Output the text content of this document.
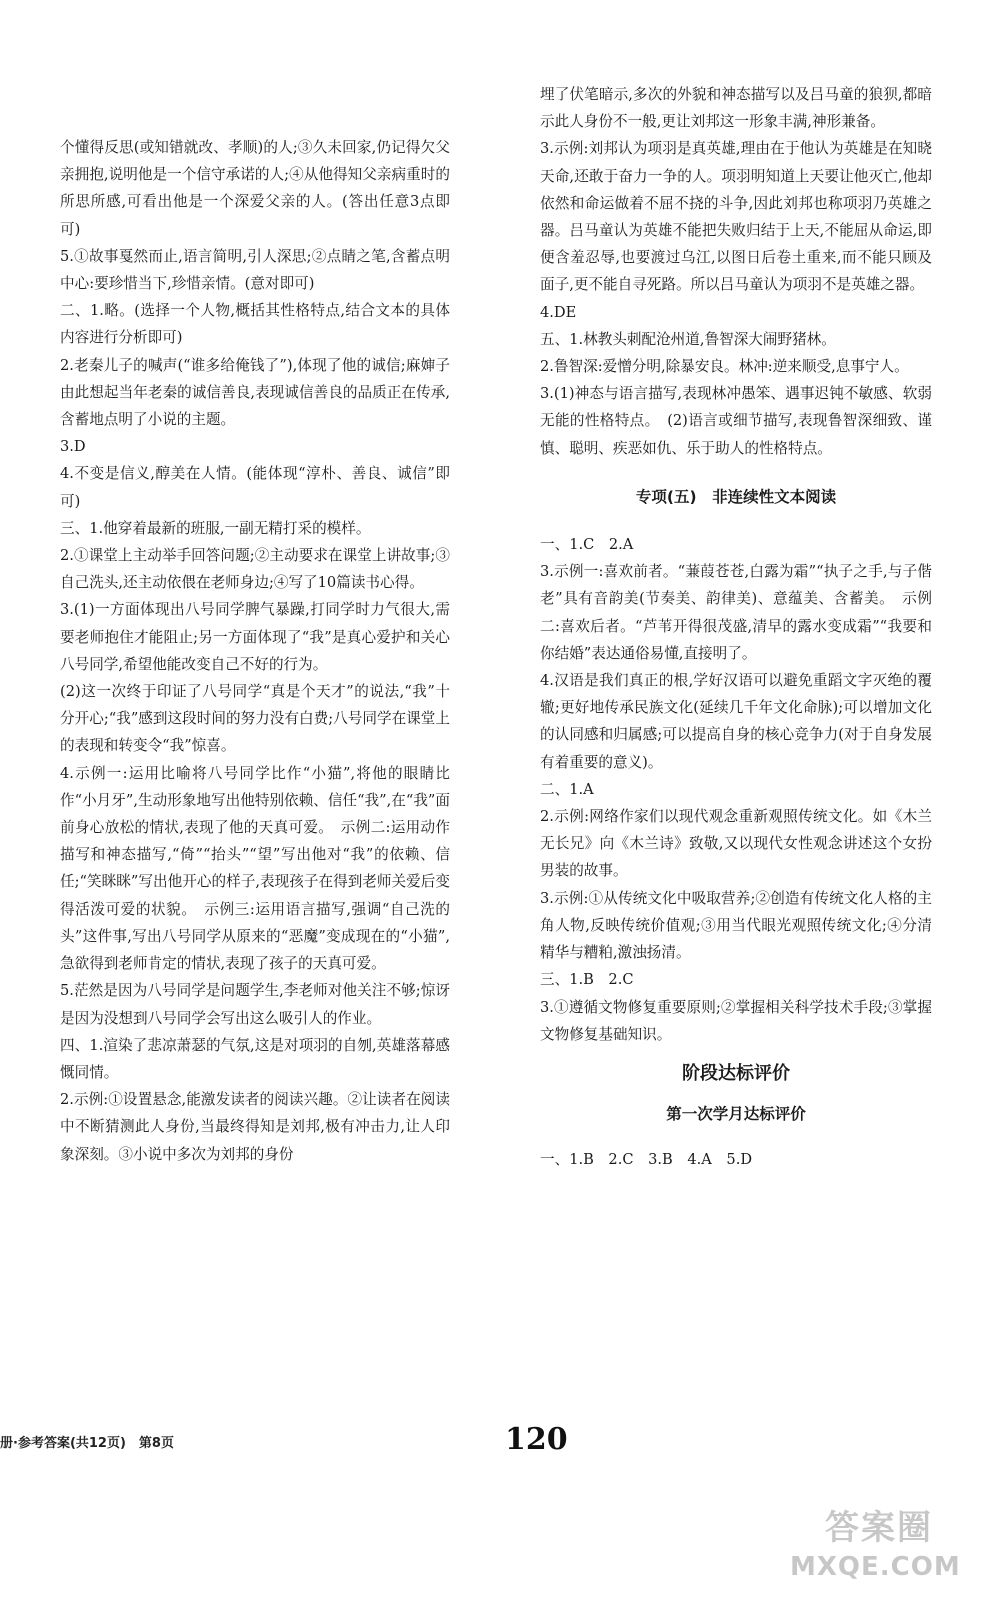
个懂得反思(或知错就改、孝顺)的人;③久未回家,仍记得欠父亲拥抱,说明他是一个信守承诺的人;④从他得知父亲病重时的所思所感,可看出他是一个深爱父亲的人。(答出任意3点即可)

5.①故事戛然而止,语言简明,引人深思;②点睛之笔,含蓄点明中心:要珍惜当下,珍惜亲情。(意对即可)

二、1.略。(选择一个人物,概括其性格特点,结合文本的具体内容进行分析即可)

2.老秦儿子的喊声(“谁多给俺钱了”),体现了他的诚信;麻婶子由此想起当年老秦的诚信善良,表现诚信善良的品质正在传承,含蓄地点明了小说的主题。

3.D

4.不变是信义,醇美在人情。(能体现“淳朴、善良、诚信”即可)

三、1.他穿着最新的班服,一副无精打采的模样。

2.①课堂上主动举手回答问题;②主动要求在课堂上讲故事;③自己洗头,还主动依偎在老师身边;④写了10篇读书心得。

3.(1)一方面体现出八号同学脾气暴躁,打同学时力气很大,需要老师抱住才能阻止;另一方面体现了“我”是真心爱护和关心八号同学,希望他能改变自己不好的行为。

(2)这一次终于印证了八号同学“真是个天才”的说法,“我”十分开心;“我”感到这段时间的努力没有白费;八号同学在课堂上的表现和转变令“我”惊喜。

4.示例一:运用比喻将八号同学比作“小猫”,将他的眼睛比作“小月牙”,生动形象地写出他特别依赖、信任“我”,在“我”面前身心放松的情状,表现了他的天真可爱。　示例二:运用动作描写和神态描写,“倚”“抬头”“望”写出他对“我”的依赖、信任;“笑眯眯”写出他开心的样子,表现孩子在得到老师关爱后变得活泼可爱的状貌。　示例三:运用语言描写,强调“自己洗的头”这件事,写出八号同学从原来的“恶魔”变成现在的“小猫”,急欲得到老师肯定的情状,表现了孩子的天真可爱。

5.茫然是因为八号同学是问题学生,李老师对他关注不够;惊讶是因为没想到八号同学会写出这么吸引人的作业。

四、1.渲染了悲凉萧瑟的气氛,这是对项羽的自刎,英雄落幕感慨同情。

2.示例:①设置悬念,能激发读者的阅读兴趣。②让读者在阅读中不断猜测此人身份,当最终得知是刘邦,极有冲击力,让人印象深刻。③小说中多次为刘邦的身份

埋了伏笔暗示,多次的外貌和神态描写以及吕马童的狼狈,都暗示此人身份不一般,更让刘邦这一形象丰满,神形兼备。

3.示例:刘邦认为项羽是真英雄,理由在于他认为英雄是在知晓天命,还敢于奋力一争的人。项羽明知道上天要让他灭亡,他却依然和命运做着不屈不挠的斗争,因此刘邦也称项羽乃英雄之器。吕马童认为英雄不能把失败归结于上天,不能屈从命运,即便含羞忍辱,也要渡过乌江,以图日后卷土重来,而不能只顾及面子,更不能自寻死路。所以吕马童认为项羽不是英雄之器。

4.DE

五、1.林教头刺配沧州道,鲁智深大闹野猪林。

2.鲁智深:爱憎分明,除暴安良。林冲:逆来顺受,息事宁人。

3.(1)神态与语言描写,表现林冲愚笨、遇事迟钝不敏感、软弱无能的性格特点。　(2)语言或细节描写,表现鲁智深细致、谨慎、聪明、疾恶如仇、乐于助人的性格特点。

专项(五)　非连续性文本阅读

一、1.C　2.A

3.示例一:喜欢前者。“蒹葭苍苍,白露为霜”“执子之手,与子偕老”具有音韵美(节奏美、韵律美)、意蕴美、含蓄美。　示例二:喜欢后者。“芦苇开得很茂盛,清早的露水变成霜”“我要和你结婚”表达通俗易懂,直接明了。

4.汉语是我们真正的根,学好汉语可以避免重蹈文字灭绝的覆辙;更好地传承民族文化(延续几千年文化命脉);可以增加文化的认同感和归属感;可以提高自身的核心竞争力(对于自身发展有着重要的意义)。

二、1.A

2.示例:网络作家们以现代观念重新观照传统文化。如《木兰无长兄》向《木兰诗》致敬,又以现代女性观念讲述这个女扮男装的故事。

3.示例:①从传统文化中吸取营养;②创造有传统文化人格的主角人物,反映传统价值观;③用当代眼光观照传统文化;④分清精华与糟粕,激浊扬清。

三、1.B　2.C

3.①遵循文物修复重要原则;②掌握相关科学技术手段;③掌握文物修复基础知识。

阶段达标评价
第一次学月达标评价

一、1.B　2.C　3.B　4.A　5.D

册·参考答案(共12页)　第8页	120
答案圈
MXQE.COM
